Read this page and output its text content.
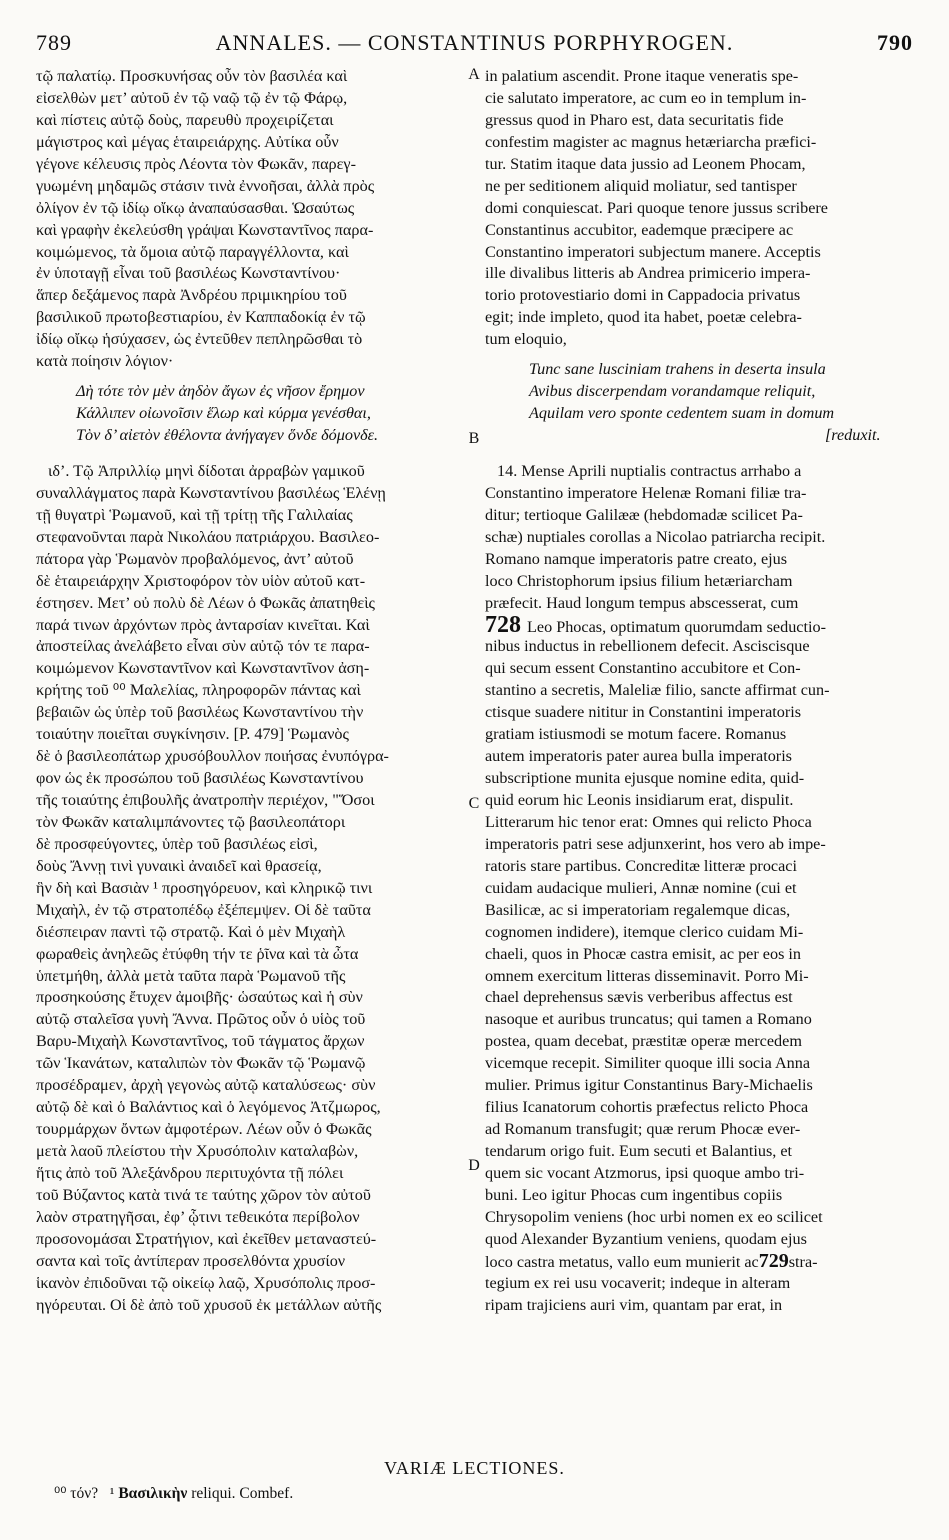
789	ANNALES. — CONSTANTINUS PORPHYROGEN.	790
τῷ παλατίῳ. Προσκυνήσας οὖν τὸν βασιλέα καὶ
εἰσελθὼν μετ’ αὐτοῦ ἐν τῷ ναῷ τῷ ἐν τῷ Φάρῳ,
καὶ πίστεις αὐτῷ δοὺς, παρευθὺ προχειρίζεται
μάγιστρος καὶ μέγας ἑταιρειάρχης. Αὐτίκα οὖν
γέγονε κέλευσις πρὸς Λέοντα τὸν Φωκᾶν, παρεγ-
γυωμένη μηδαμῶς στάσιν τινὰ ἐννοῆσαι, ἀλλὰ πρὸς
ὀλίγον ἐν τῷ ἰδίῳ οἴκῳ ἀναπαύσασθαι. Ὡσαύτως
καὶ γραφὴν ἐκελεύσθη γράψαι Κωνσταντῖνος παρα-
κοιμώμενος, τὰ ὅμοια αὐτῷ παραγγέλλοντα, καὶ
ἐν ὑποταγῇ εἶναι τοῦ βασιλέως Κωνσταντίνου·
ἅπερ δεξάμενος παρὰ Ἀνδρέου πριμικηρίου τοῦ
βασιλικοῦ πρωτοβεστιαρίου, ἐν Καππαδοκίᾳ ἐν τῷ
ἰδίῳ οἴκῳ ἡσύχασεν, ὡς ἐντεῦθεν πεπληρῶσθαι τὸ
κατὰ ποίησιν λόγιον·
Δὴ τότε τὸν μὲν ἀηδὸν ἄγων ἐς νῆσον ἔρημον
Κάλλιπεν οἰωνοῖσιν ἕλωρ καὶ κύρμα γενέσθαι,
Τὸν δ’ αἰετὸν ἐθέλοντα ἀνήγαγεν ὅνδε δόμονδε.
ιδ’. Τῷ Ἀπριλλίῳ μηνὶ δίδοται ἀρραβὼν γαμικοῦ
συναλλάγματος παρὰ Κωνσταντίνου βασιλέως Ἑλένῃ
τῇ θυγατρὶ Ῥωμανοῦ, καὶ τῇ τρίτῃ τῆς Γαλιλαίας
στεφανοῦνται παρὰ Νικολάου πατριάρχου. Βασιλεο-
πάτορα γὰρ Ῥωμανὸν προβαλόμενος, ἀντ’ αὐτοῦ
δὲ ἑταιρειάρχην Χριστοφόρον τὸν υἱὸν αὐτοῦ κατ-
έστησεν. Μετ’ οὐ πολὺ δὲ Λέων ὁ Φωκᾶς ἀπατηθεὶς
παρά τινων ἀρχόντων πρὸς ἀνταρσίαν κινεῖται. Καὶ
ἀποστείλας ἀνελάβετο εἶναι σὺν αὐτῷ τόν τε παρα-
κοιμώμενον Κωνσταντῖνον καὶ Κωνσταντῖνον ἀση-
κρήτης τοῦ ⁰⁰ Μαλελίας, πληροφορῶν πάντας καὶ
βεβαιῶν ὡς ὑπὲρ τοῦ βασιλέως Κωνσταντίνου τὴν
τοιαύτην ποιεῖται συγκίνησιν. [P. 479] Ῥωμανὸς
δὲ ὁ βασιλεοπάτωρ χρυσόβουλλον ποιήσας ἐνυπόγρα-
φον ὡς ἐκ προσώπου τοῦ βασιλέως Κωνσταντίνου
τῆς τοιαύτης ἐπιβουλῆς ἀνατροπὴν περιέχον, "Ὅσοι
τὸν Φωκᾶν καταλιμπάνοντες τῷ βασιλεοπάτορι
δὲ προσφεύγοντες, ὑπὲρ τοῦ βασιλέως εἰσὶ,
δοὺς Ἄννῃ τινὶ γυναικὶ ἀναιδεῖ καὶ θρασείᾳ,
ἣν δὴ καὶ Βασιὰν ¹ προσηγόρευον, καὶ κληρικῷ τινι
Μιχαὴλ, ἐν τῷ στρατοπέδῳ ἐξέπεμψεν. Οἱ δὲ ταῦτα
διέσπειραν παντὶ τῷ στρατῷ. Καὶ ὁ μὲν Μιχαὴλ
φωραθεὶς ἀνηλεῶς ἐτύφθη τήν τε ῥῖνα καὶ τὰ ὦτα
ὑπετμήθη, ἀλλὰ μετὰ ταῦτα παρὰ Ῥωμανοῦ τῆς
προσηκούσης ἔτυχεν ἀμοιβῆς· ὡσαύτως καὶ ἡ σὺν
αὐτῷ σταλεῖσα γυνὴ Ἄννα. Πρῶτος οὖν ὁ υἱὸς τοῦ
Βαρυ-Μιχαὴλ Κωνσταντῖνος, τοῦ τάγματος ἄρχων
τῶν Ἱκανάτων, καταλιπὼν τὸν Φωκᾶν τῷ Ῥωμανῷ
προσέδραμεν, ἀρχὴ γεγονὼς αὐτῷ καταλύσεως· σὺν
αὐτῷ δὲ καὶ ὁ Βαλάντιος καὶ ὁ λεγόμενος Ἀτζμωρος,
τουρμάρχων ὄντων ἀμφοτέρων. Λέων οὖν ὁ Φωκᾶς
μετὰ λαοῦ πλείστου τὴν Χρυσόπολιν καταλαβὼν,
ἥτις ἀπὸ τοῦ Ἀλεξάνδρου περιτυχόντα τῇ πόλει
τοῦ Βύζαντος κατὰ τινά τε ταύτης χῶρον τὸν αὐτοῦ
λαὸν στρατηγῆσαι, ἐφ’ ᾧτινι τεθεικότα περίβολον
προσονομάσαι Στρατήγιον, καὶ ἐκεῖθεν μεταναστεύ-
σαντα καὶ τοῖς ἀντίπεραν προσελθόντα χρυσίον
ἱκανὸν ἐπιδοῦναι τῷ οἰκείῳ λαῷ, Χρυσόπολις προσ-
ηγόρευται. Οἱ δὲ ἀπὸ τοῦ χρυσοῦ ἐκ μετάλλων αὐτῆς
in palatium ascendit. Prone itaque veneratis spe-
cie salutato imperatore, ac cum eo in templum in-
gressus quod in Pharo est, data securitatis fide
confestim magister ac magnus hetæriarcha præfici-
tur. Statim itaque data jussio ad Leonem Phocam,
ne per seditionem aliquid moliatur, sed tantisper
domi conquiescat. Pari quoque tenore jussus scribere
Constantinus accubitor, eademque præcipere ac
Constantino imperatori subjectum manere. Acceptis
ille divalibus litteris ab Andrea primicerio impera-
torio protovestiario domi in Cappadocia privatus
egit; inde impleto, quod ita habet, poetæ celebra-
tum eloquio,
Tunc sane lusciniam trahens in deserta insula
Avibus discerpendam vorandamque reliquit,
Aquilam vero sponte cedentem suam in domum
[reduxit.
14. Mense Aprili nuptialis contractus arrhabo a
Constantino imperatore Helenæ Romani filiæ tra-
ditur; tertioque Galilææ (hebdomadæ scilicet Pa-
schæ) nuptiales corollas a Nicolao patriarcha recipit.
Romano namque imperatoris patre creato, ejus
loco Christophorum ipsius filium hetæriarcham
præfecit. Haud longum tempus abscesserat, cum
728 Leo Phocas, optimatum quorumdam seductio-
nibus inductus in rebellionem defecit. Asciscisque
qui secum essent Constantino accubitore et Con-
stantino a secretis, Maleliæ filio, sancte affirmat cun-
ctisque suadere nititur in Constantini imperatoris
gratiam istiusmodi se motum facere. Romanus
autem imperatoris pater aurea bulla imperatoris
subscriptione munita ejusque nomine edita, quid-
quid eorum hic Leonis insidiarum erat, dispulit.
Litterarum hic tenor erat: Omnes qui relicto Phoca
imperatoris patri sese adjunxerint, hos vero ab impe-
ratoris stare partibus. Concreditæ litteræ procaci
cuidam audacique mulieri, Annæ nomine (cui et
Basilicæ, ac si imperatoriam regalemque dicas,
cognomen indidere), itemque clerico cuidam Mi-
chaeli, quos in Phocæ castra emisit, ac per eos in
omnem exercitum litteras disseminavit. Porro Mi-
chael deprehensus sævis verberibus affectus est
nasoque et auribus truncatus; qui tamen a Romano
postea, quam decebat, præstitæ operæ mercedem
vicemque recepit. Similiter quoque illi socia Anna
mulier. Primus igitur Constantinus Bary-Michaelis
filius Icanatorum cohortis præfectus relicto Phoca
ad Romanum transfugit; quæ rerum Phocæ ever-
tendarum origo fuit. Eum secuti et Balantius, et
quem sic vocant Atzmorus, ipsi quoque ambo tri-
buni. Leo igitur Phocas cum ingentibus copiis
Chrysopolim veniens (hoc urbi nomen ex eo scilicet
quod Alexander Byzantium veniens, quodam ejus
loco castra metatus, vallo eum munierit ac729stra-
tegium ex rei usu vocaverit; indeque in alteram
ripam trajiciens auri vim, quantam par erat, in
A
B
C
D
VARIÆ LECTIONES.
⁰⁰ τόν? ¹ Βασιλικὴν reliqui. Combef.
